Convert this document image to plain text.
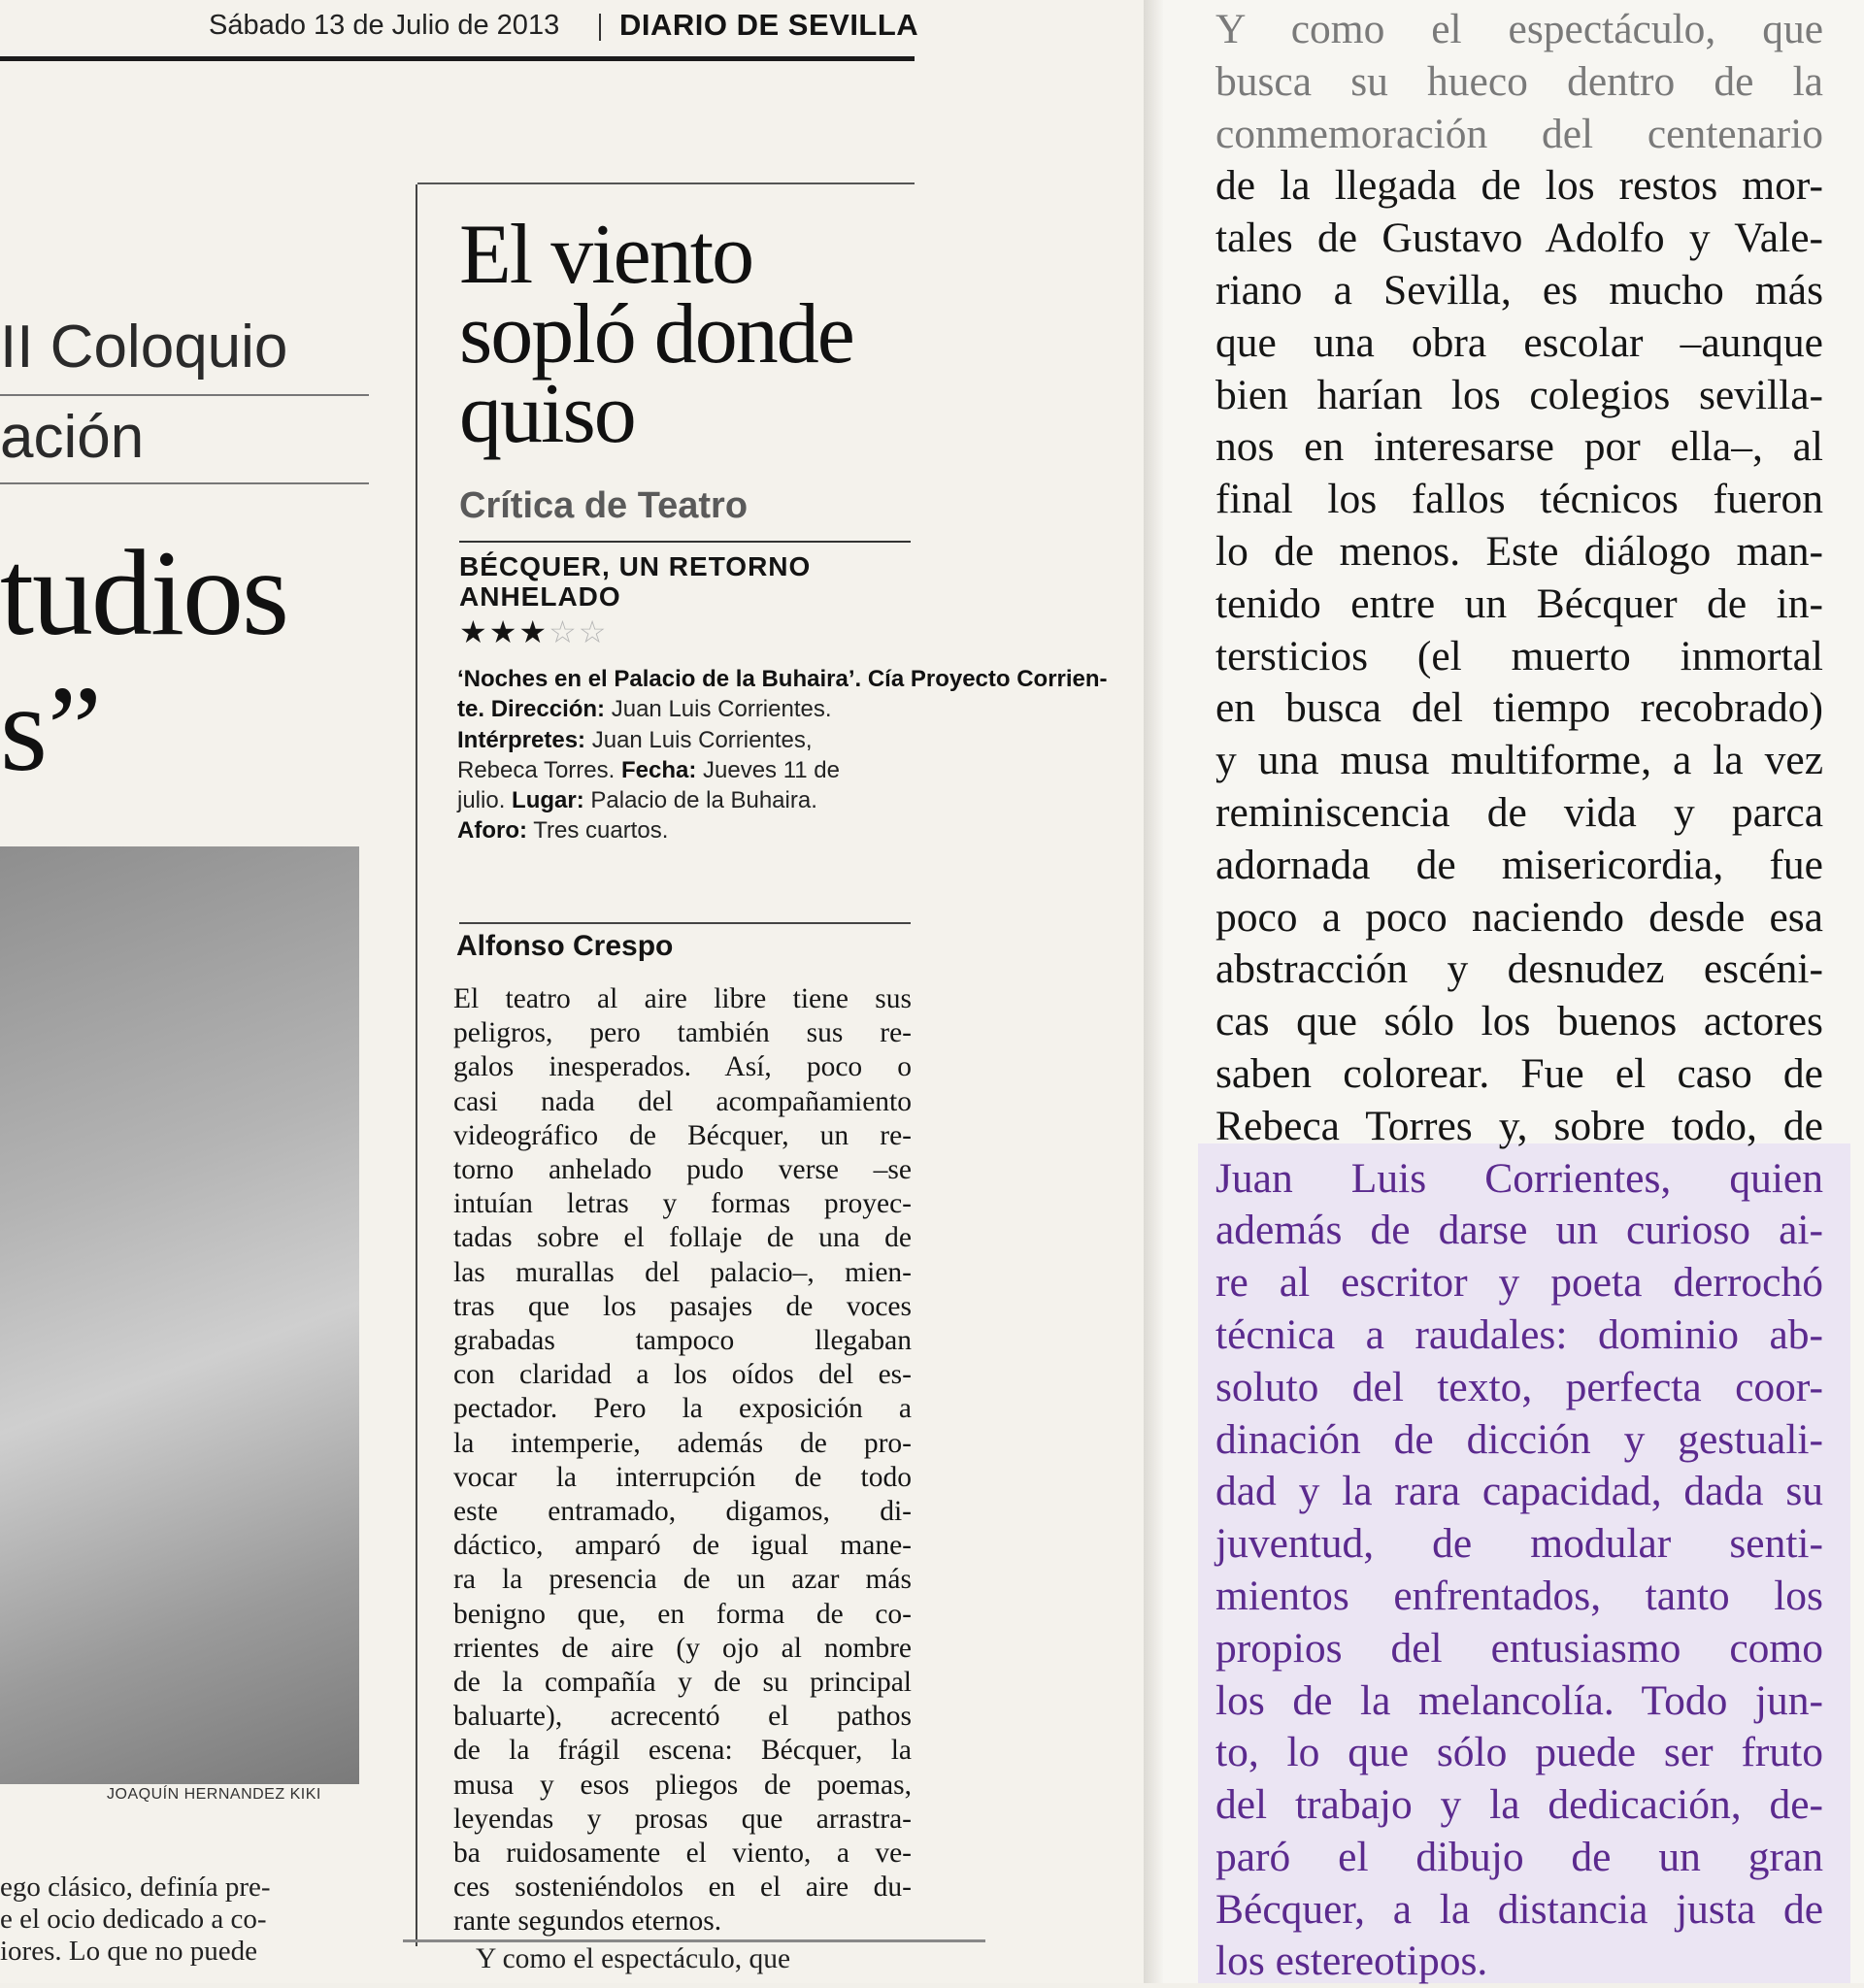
Sábado 13 de Julio de 2013 DIARIO DE SEVILLA
II Coloquio
ación
tudios
s”
JOAQUÍN HERNANDEZ KIKI
ego clásico, definía pre-
e el ocio dedicado a co-
iores. Lo que no puede
El viento
sopló donde
quiso
Crítica de Teatro
BÉCQUER, UN RETORNO
ANHELADO
★★★☆☆
‘Noches en el Palacio de la Buhaira’. Cía Proyecto Corrien-
te. Dirección: Juan Luis Corrientes.
Intérpretes: Juan Luis Corrientes,
Rebeca Torres. Fecha: Jueves 11 de
julio. Lugar: Palacio de la Buhaira.
Aforo: Tres cuartos.
Alfonso Crespo
El teatro al aire libre tiene sus
peligros, pero también sus re-
galos inesperados. Así, poco o
casi nada del acompañamiento
videográfico de Bécquer, un re-
torno anhelado pudo verse –se
intuían letras y formas proyec-
tadas sobre el follaje de una de
las murallas del palacio–, mien-
tras que los pasajes de voces
grabadas tampoco llegaban
con claridad a los oídos del es-
pectador. Pero la exposición a
la intemperie, además de pro-
vocar la interrupción de todo
este entramado, digamos, di-
dáctico, amparó de igual mane-
ra la presencia de un azar más
benigno que, en forma de co-
rrientes de aire (y ojo al nombre
de la compañía y de su principal
baluarte), acrecentó el pathos
de la frágil escena: Bécquer, la
musa y esos pliegos de poemas,
leyendas y prosas que arrastra-
ba ruidosamente el viento, a ve-
ces sosteniéndolos en el aire du-
rante segundos eternos.
Y como el espectáculo, que
Y como el espectáculo, que
busca su hueco dentro de la
conmemoración del centenario
de la llegada de los restos mor-
tales de Gustavo Adolfo y Vale-
riano a Sevilla, es mucho más
que una obra escolar –aunque
bien harían los colegios sevilla-
nos en interesarse por ella–, al
final los fallos técnicos fueron
lo de menos. Este diálogo man-
tenido entre un Bécquer de in-
tersticios (el muerto inmortal
en busca del tiempo recobrado)
y una musa multiforme, a la vez
reminiscencia de vida y parca
adornada de misericordia, fue
poco a poco naciendo desde esa
abstracción y desnudez escéni-
cas que sólo los buenos actores
saben colorear. Fue el caso de
Rebeca Torres y, sobre todo, de
Juan Luis Corrientes, quien
además de darse un curioso ai-
re al escritor y poeta derrochó
técnica a raudales: dominio ab-
soluto del texto, perfecta coor-
dinación de dicción y gestuali-
dad y la rara capacidad, dada su
juventud, de modular senti-
mientos enfrentados, tanto los
propios del entusiasmo como
los de la melancolía. Todo jun-
to, lo que sólo puede ser fruto
del trabajo y la dedicación, de-
paró el dibujo de un gran
Bécquer, a la distancia justa de
los estereotipos.
